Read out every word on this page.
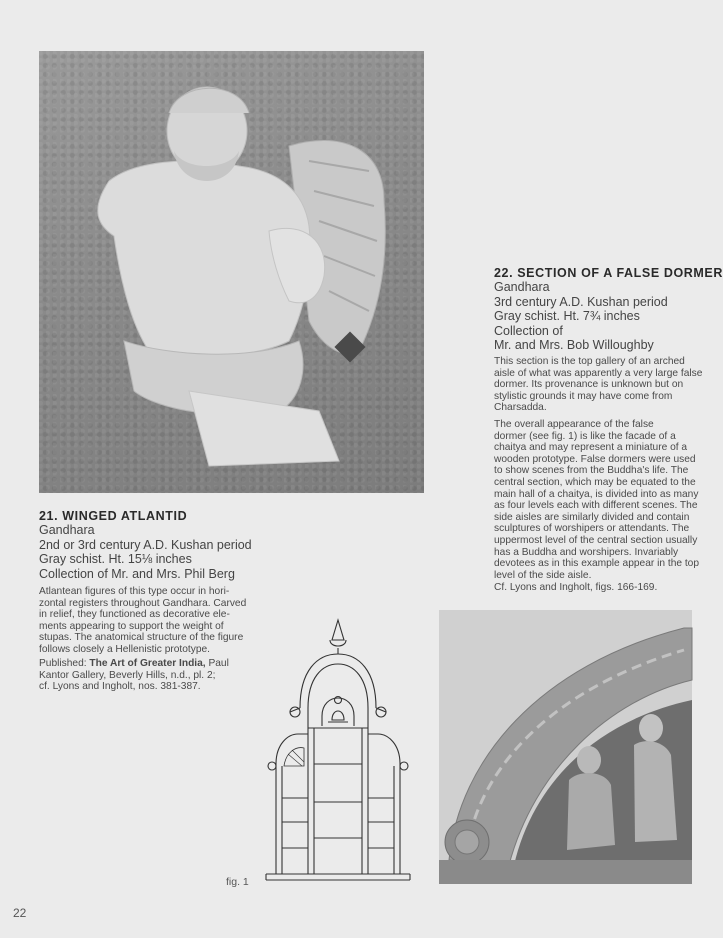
21. WINGED ATLANTID

Gandhara

2nd or 3rd century A.D. Kushan period

Gray schist. Ht. 15⅛ inches

Collection of Mr. and Mrs. Phil Berg

Atlantean figures of this type occur in hori-

zontal registers throughout Gandhara. Carved

in relief, they functioned as decorative ele-

ments appearing to support the weight of

stupas. The anatomical structure of the figure

follows closely a Hellenistic prototype.

Published: The Art of Greater India, Paul

Kantor Gallery, Beverly Hills, n.d., pl. 2;

cf. Lyons and Ingholt, nos. 381-387.

22. SECTION OF A FALSE DORMER

Gandhara

3rd century A.D. Kushan period

Gray schist. Ht. 7¾ inches

Collection of

Mr. and Mrs. Bob Willoughby

This section is the top gallery of an arched

aisle of what was apparently a very large false

dormer. Its provenance is unknown but on

stylistic grounds it may have come from

Charsadda.

The overall appearance of the false

dormer (see fig. 1) is like the facade of a

chaitya and may represent a miniature of a

wooden prototype. False dormers were used

to show scenes from the Buddha's life. The

central section, which may be equated to the

main hall of a chaitya, is divided into as many

as four levels each with different scenes. The

side aisles are similarly divided and contain

sculptures of worshipers or attendants. The

uppermost level of the central section usually

has a Buddha and worshipers. Invariably

devotees as in this example appear in the top

level of the side aisle.

Cf. Lyons and Ingholt, figs. 166-169.

fig. 1
22
